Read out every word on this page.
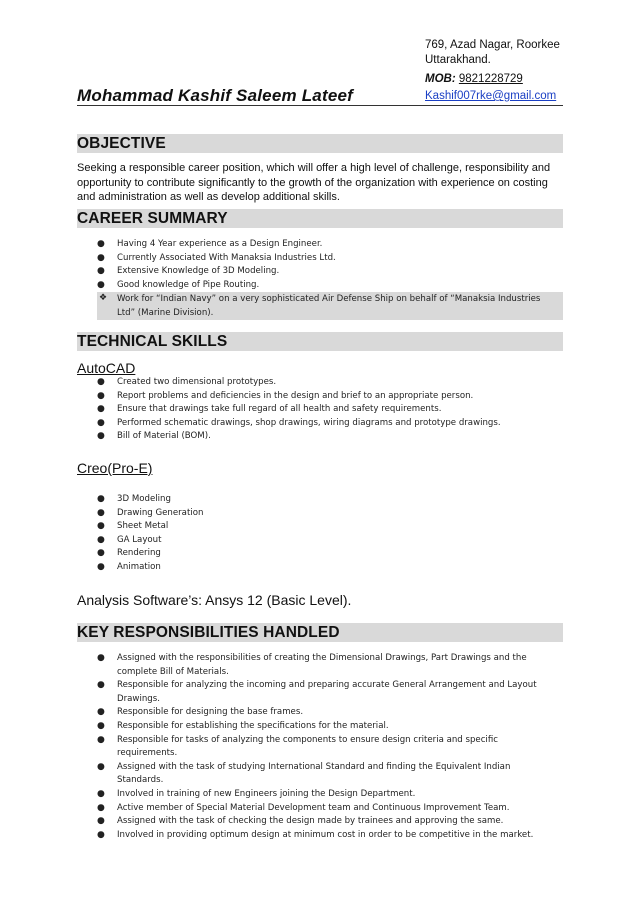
769, Azad Nagar, Roorkee
Uttarakhand.
MOB: 9821228729
Kashif007rke@gmail.com
Mohammad Kashif Saleem Lateef
OBJECTIVE
Seeking a responsible career position, which will offer a high level of challenge, responsibility and opportunity to contribute significantly to the growth of the organization with experience on costing and administration as well as develop additional skills.
CAREER SUMMARY
● Having 4 Year experience as a Design Engineer.
● Currently Associated With Manaksia Industries Ltd.
● Extensive Knowledge of 3D Modeling.
● Good knowledge of Pipe Routing.
❖ Work for “Indian Navy” on a very sophisticated Air Defense Ship on behalf of “Manaksia Industries Ltd” (Marine Division).
TECHNICAL SKILLS
AutoCAD
● Created two dimensional prototypes.
● Report problems and deficiencies in the design and brief to an appropriate person.
● Ensure that drawings take full regard of all health and safety requirements.
● Performed schematic drawings, shop drawings, wiring diagrams and prototype drawings.
● Bill of Material (BOM).
Creo(Pro-E)
● 3D Modeling
● Drawing Generation
● Sheet Metal
● GA Layout
● Rendering
● Animation
Analysis Software’s: Ansys 12 (Basic Level).
KEY RESPONSIBILITIES HANDLED
● Assigned with the responsibilities of creating the Dimensional Drawings, Part Drawings and the complete Bill of Materials.
● Responsible for analyzing the incoming and preparing accurate General Arrangement and Layout Drawings.
● Responsible for designing the base frames.
● Responsible for establishing the specifications for the material.
● Responsible for tasks of analyzing the components to ensure design criteria and specific requirements.
● Assigned with the task of studying International Standard and finding the Equivalent Indian Standards.
● Involved in training of new Engineers joining the Design Department.
● Active member of Special Material Development team and Continuous Improvement Team.
● Assigned with the task of checking the design made by trainees and approving the same.
● Involved in providing optimum design at minimum cost in order to be competitive in the market.
